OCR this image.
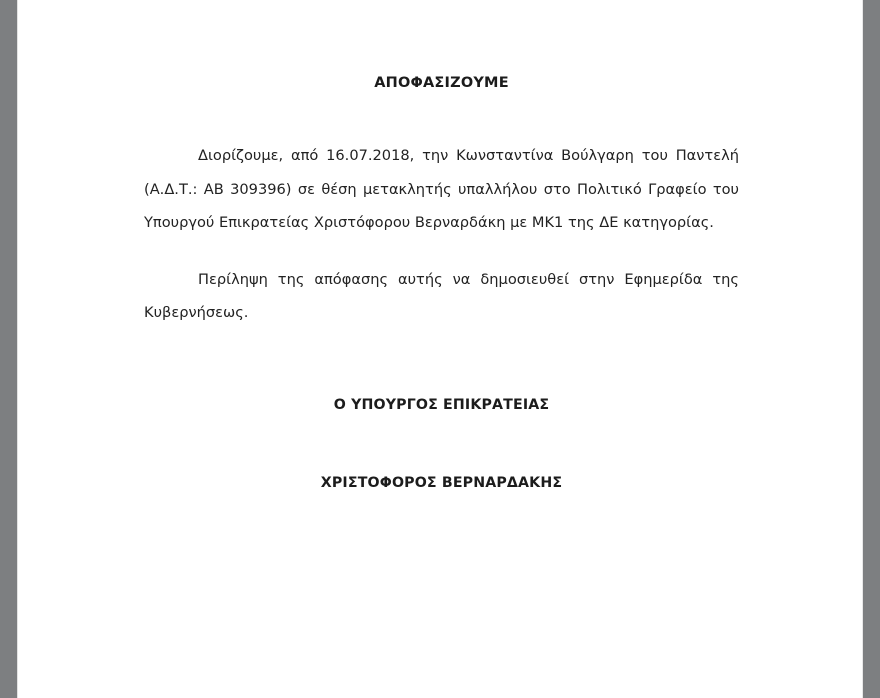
ΑΠΟΦΑΣΙΖΟΥΜΕ

Διορίζουμε, από 16.07.2018, την Κωνσταντίνα Βούλγαρη του Παντελή (Α.Δ.Τ.: ΑΒ 309396) σε θέση μετακλητής υπαλλήλου στο Πολιτικό Γραφείο του Υπουργού Επικρατείας Χριστόφορου Βερναρδάκη με ΜΚ1 της ΔΕ κατηγορίας.

Περίληψη της απόφασης αυτής να δημοσιευθεί στην Εφημερίδα της Κυβερνήσεως.

Ο ΥΠΟΥΡΓΟΣ ΕΠΙΚΡΑΤΕΙΑΣ
ΧΡΙΣΤΟΦΟΡΟΣ ΒΕΡΝΑΡΔΑΚΗΣ
